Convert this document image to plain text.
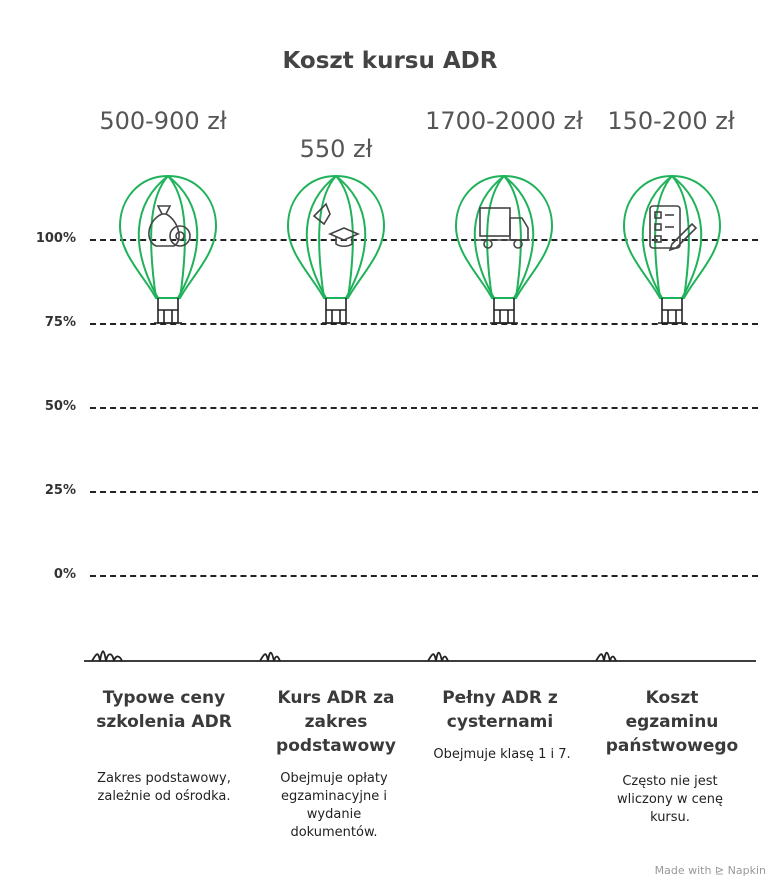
Koszt kursu ADR
100%
75%
50%
25%
0%
500-900 zł
550 zł
1700-2000 zł	150-200 zł
Typowe ceny szkolenia ADR
Kurs ADR za zakres podstawowy
Pełny ADR z cysternami
Koszt egzaminu państwowego
Zakres podstawowy, zależnie od ośrodka.
Obejmuje opłaty egzaminacyjne i wydanie dokumentów.
Obejmuje klasę 1 i 7.
Często nie jest wliczony w cenę kursu.
Made with ⊵ Napkin
